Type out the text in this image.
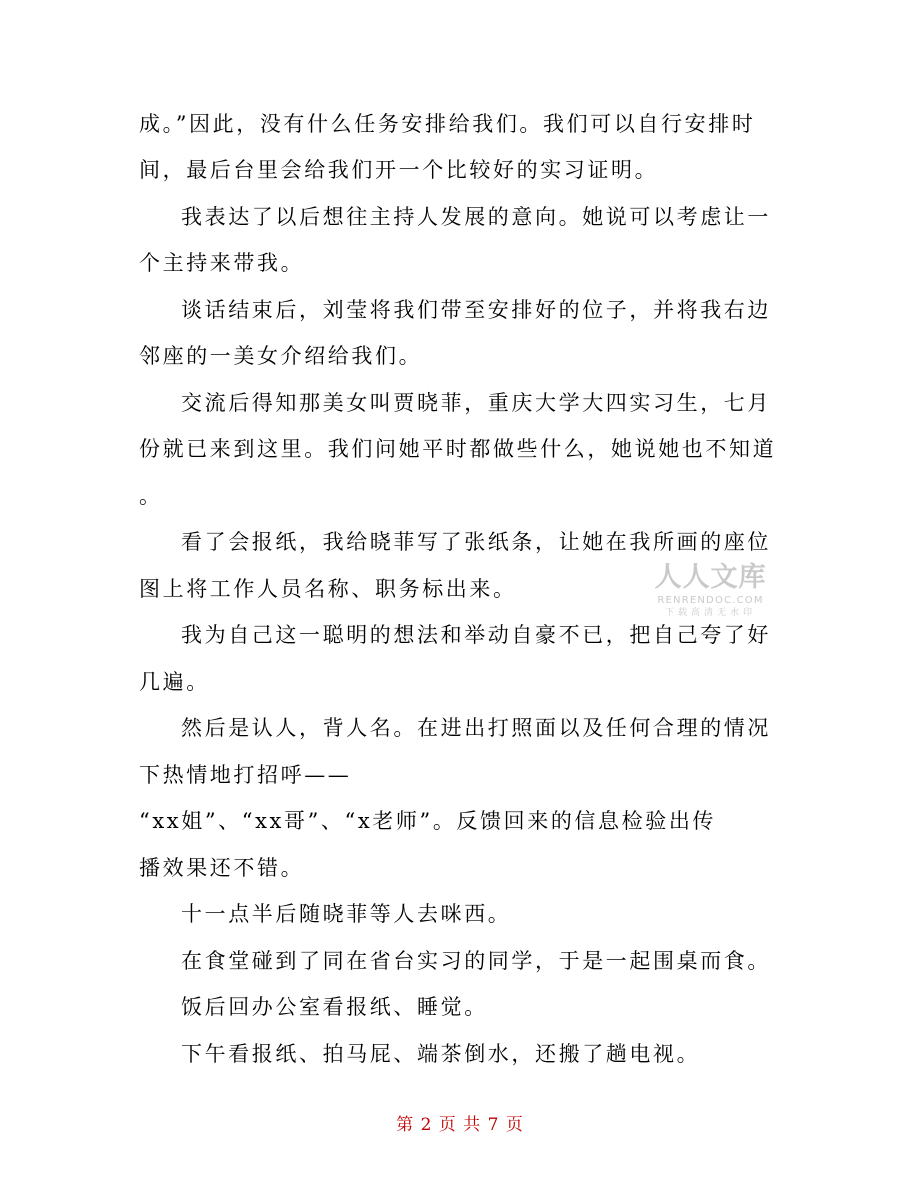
成。”因此，没有什么任务安排给我们。我们可以自行安排时
间，最后台里会给我们开一个比较好的实习证明。
我表达了以后想往主持人发展的意向。她说可以考虑让一
个主持来带我。
谈话结束后，刘莹将我们带至安排好的位子，并将我右边
邻座的一美女介绍给我们。
交流后得知那美女叫贾晓菲，重庆大学大四实习生，七月
份就已来到这里。我们问她平时都做些什么，她说她也不知道
。
看了会报纸，我给晓菲写了张纸条，让她在我所画的座位
图上将工作人员名称、职务标出来。
我为自己这一聪明的想法和举动自豪不已，把自己夸了好
几遍。
然后是认人，背人名。在进出打照面以及任何合理的情况
下热情地打招呼——
“xx姐”、“xx哥”、“x老师”。反馈回来的信息检验出传
播效果还不错。
十一点半后随晓菲等人去咪西。
在食堂碰到了同在省台实习的同学，于是一起围桌而食。
饭后回办公室看报纸、睡觉。
下午看报纸、拍马屁、端茶倒水，还搬了趟电视。
人人文库
RENRENDOC.COM
下载高清无水印
第 2 页 共 7 页
